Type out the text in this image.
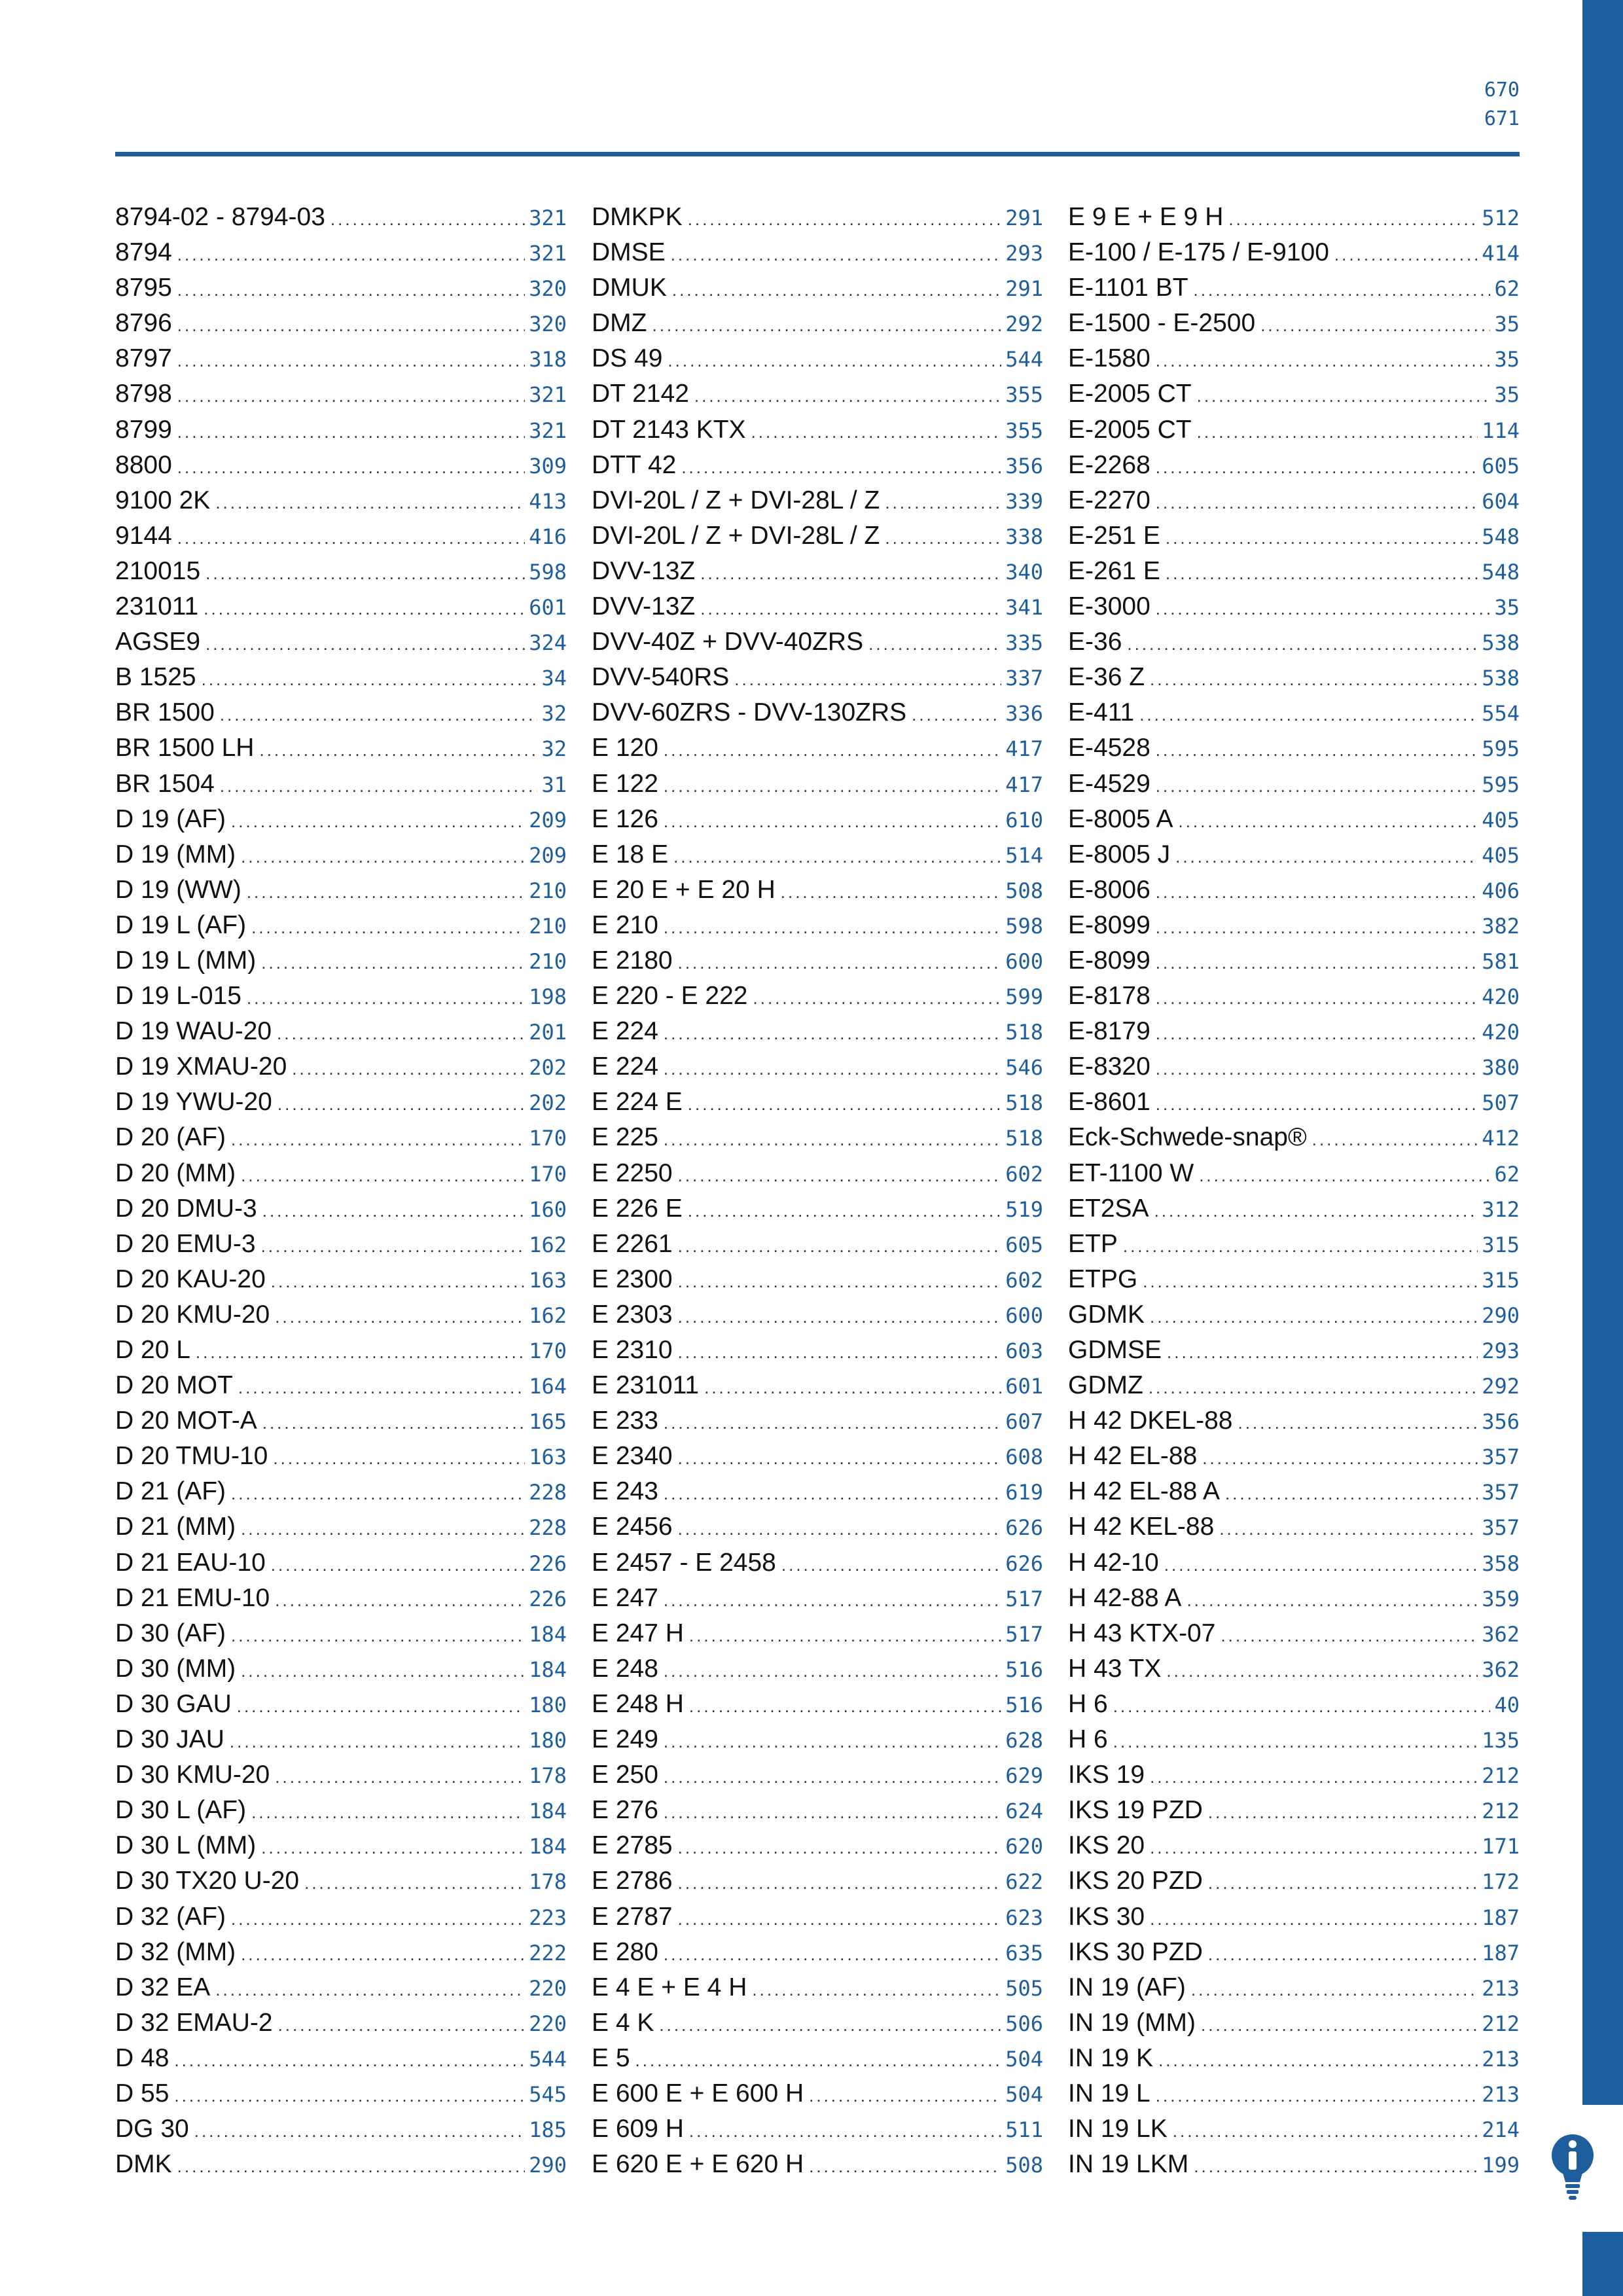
670
671
8794-02 - 8794-03 .....	321
8794 .....	321
8795 .....	320
8796 .....	320
8797 .....	318
8798 .....	321
8799 .....	321
8800 .....	309
9100 2K .....	413
9144 .....	416
210015 .....	598
231011 .....	601
AGSE9 .....	324
B 1525 .....	34
BR 1500 .....	32
BR 1500 LH .....	32
BR 1504 .....	31
D 19 (AF) .....	209
D 19 (MM) .....	209
D 19 (WW) .....	210
D 19 L (AF) .....	210
D 19 L (MM) .....	210
D 19 L-015 .....	198
D 19 WAU-20 .....	201
D 19 XMAU-20 .....	202
D 19 YWU-20 .....	202
D 20 (AF) .....	170
D 20 (MM) .....	170
D 20 DMU-3 .....	160
D 20 EMU-3 .....	162
D 20 KAU-20 .....	163
D 20 KMU-20 .....	162
D 20 L .....	170
D 20 MOT .....	164
D 20 MOT-A .....	165
D 20 TMU-10 .....	163
D 21 (AF) .....	228
D 21 (MM) .....	228
D 21 EAU-10 .....	226
D 21 EMU-10 .....	226
D 30 (AF) .....	184
D 30 (MM) .....	184
D 30 GAU .....	180
D 30 JAU .....	180
D 30 KMU-20 .....	178
D 30 L (AF) .....	184
D 30 L (MM) .....	184
D 30 TX20 U-20 .....	178
D 32 (AF) .....	223
D 32 (MM) .....	222
D 32 EA .....	220
D 32 EMAU-2 .....	220
D 48 .....	544
D 55 .....	545
DG 30 .....	185
DMK .....	290
DMKPK .....	291
DMSE .....	293
DMUK .....	291
DMZ .....	292
DS 49 .....	544
DT 2142 .....	355
DT 2143 KTX .....	355
DTT 42 .....	356
DVI-20L / Z + DVI-28L / Z .....	339
DVI-20L / Z + DVI-28L / Z .....	338
DVV-13Z .....	340
DVV-13Z .....	341
DVV-40Z + DVV-40ZRS .....	335
DVV-540RS .....	337
DVV-60ZRS - DVV-130ZRS .....	336
E 120 .....	417
E 122 .....	417
E 126 .....	610
E 18 E .....	514
E 20 E + E 20 H .....	508
E 210 .....	598
E 2180 .....	600
E 220 - E 222 .....	599
E 224 .....	518
E 224 .....	546
E 224 E .....	518
E 225 .....	518
E 2250 .....	602
E 226 E .....	519
E 2261 .....	605
E 2300 .....	602
E 2303 .....	600
E 2310 .....	603
E 231011 .....	601
E 233 .....	607
E 2340 .....	608
E 243 .....	619
E 2456 .....	626
E 2457 - E 2458 .....	626
E 247 .....	517
E 247 H .....	517
E 248 .....	516
E 248 H .....	516
E 249 .....	628
E 250 .....	629
E 276 .....	624
E 2785 .....	620
E 2786 .....	622
E 2787 .....	623
E 280 .....	635
E 4 E + E 4 H .....	505
E 4 K .....	506
E 5 .....	504
E 600 E + E 600 H .....	504
E 609 H .....	511
E 620 E + E 620 H .....	508
E 9 E + E 9 H .....	512
E-100 / E-175 / E-9100 .....	414
E-1101 BT .....	62
E-1500 - E-2500 .....	35
E-1580 .....	35
E-2005 CT .....	35
E-2005 CT .....	114
E-2268 .....	605
E-2270 .....	604
E-251 E .....	548
E-261 E .....	548
E-3000 .....	35
E-36 .....	538
E-36 Z .....	538
E-411 .....	554
E-4528 .....	595
E-4529 .....	595
E-8005 A .....	405
E-8005 J .....	405
E-8006 .....	406
E-8099 .....	382
E-8099 .....	581
E-8178 .....	420
E-8179 .....	420
E-8320 .....	380
E-8601 .....	507
Eck-Schwede-snap® .....	412
ET-1100 W .....	62
ET2SA .....	312
ETP .....	315
ETPG .....	315
GDMK .....	290
GDMSE .....	293
GDMZ .....	292
H 42 DKEL-88 .....	356
H 42 EL-88 .....	357
H 42 EL-88 A .....	357
H 42 KEL-88 .....	357
H 42-10 .....	358
H 42-88 A .....	359
H 43 KTX-07 .....	362
H 43 TX .....	362
H 6 .....	40
H 6 .....	135
IKS 19 .....	212
IKS 19 PZD .....	212
IKS 20 .....	171
IKS 20 PZD .....	172
IKS 30 .....	187
IKS 30 PZD .....	187
IN 19 (AF) .....	213
IN 19 (MM) .....	212
IN 19 K .....	213
IN 19 L .....	213
IN 19 LK .....	214
IN 19 LKM .....	199
